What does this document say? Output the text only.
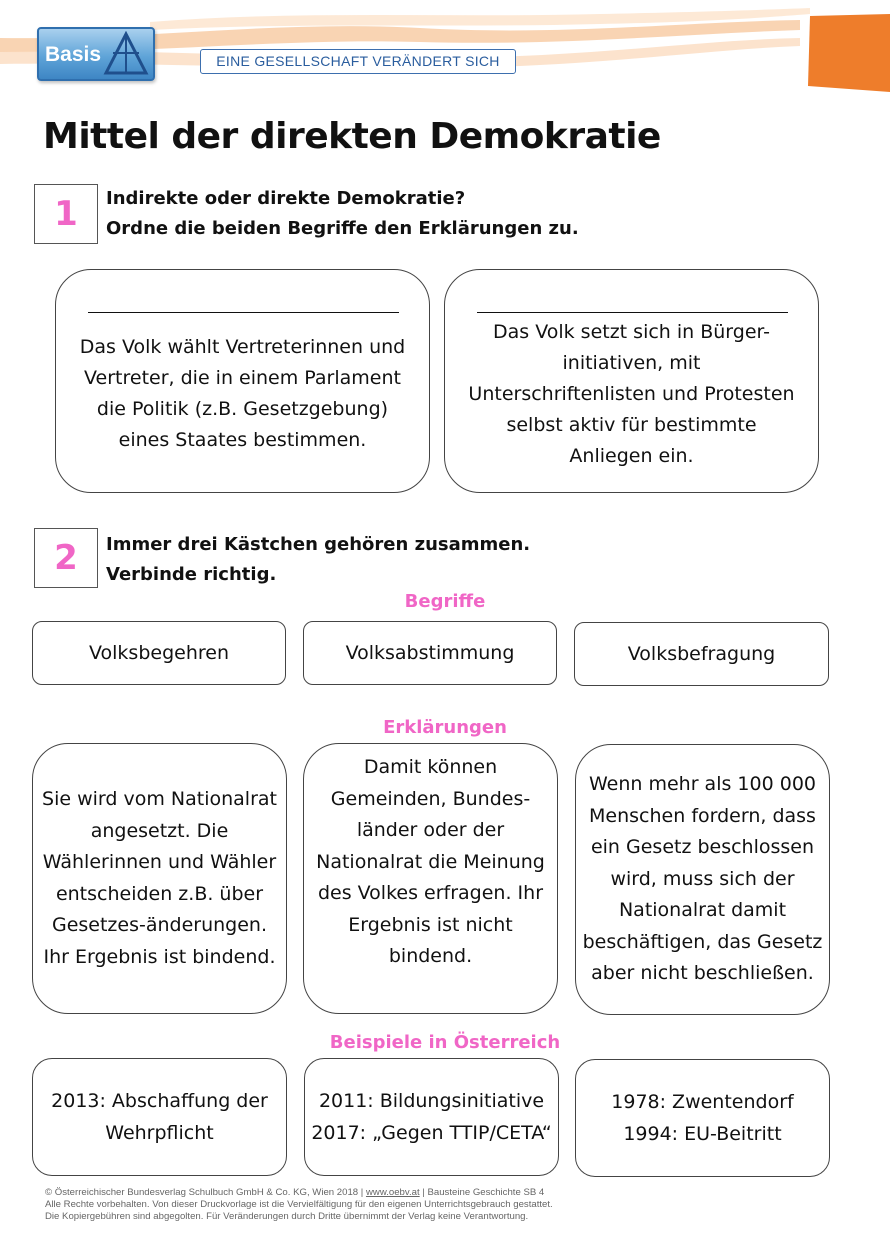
Basis	EINE GESELLSCHAFT VERÄNDERT SICH
Mittel der direkten Demokratie
1	Indirekte oder direkte Demokratie?
Ordne die beiden Begriffe den Erklärungen zu.

Das Volk wählt Vertreterinnen und Vertreter, die in einem Parlament die Politik (z.B. Gesetzgebung) eines Staates bestimmen.

Das Volk setzt sich in Bürger-initiativen, mit Unterschriftenlisten und Protesten selbst aktiv für bestimmte Anliegen ein.

2	Immer drei Kästchen gehören zusammen.
Verbinde richtig.
Begriffe

Volksbegehren	Volksabstimmung	Volksbefragung

Erklärungen

Sie wird vom Nationalrat angesetzt. Die Wählerinnen und Wähler entscheiden z.B. über Gesetzes-änderungen. Ihr Ergebnis ist bindend.

Damit können Gemeinden, Bundes-länder oder der Nationalrat die Meinung des Volkes erfragen. Ihr Ergebnis ist nicht bindend.

Wenn mehr als 100 000 Menschen fordern, dass ein Gesetz beschlossen wird, muss sich der Nationalrat damit beschäftigen, das Gesetz aber nicht beschließen.

Beispiele in Österreich

2013: Abschaffung der
Wehrpflicht

2011: Bildungsinitiative
2017: „Gegen TTIP/CETA“

1978: Zwentendorf
1994: EU-Beitritt

© Österreichischer Bundesverlag Schulbuch GmbH & Co. KG, Wien 2018 | www.oebv.at | Bausteine Geschichte SB 4
Alle Rechte vorbehalten. Von dieser Druckvorlage ist die Vervielfältigung für den eigenen Unterrichtsgebrauch gestattet.
Die Kopiergebühren sind abgegolten. Für Veränderungen durch Dritte übernimmt der Verlag keine Verantwortung.
